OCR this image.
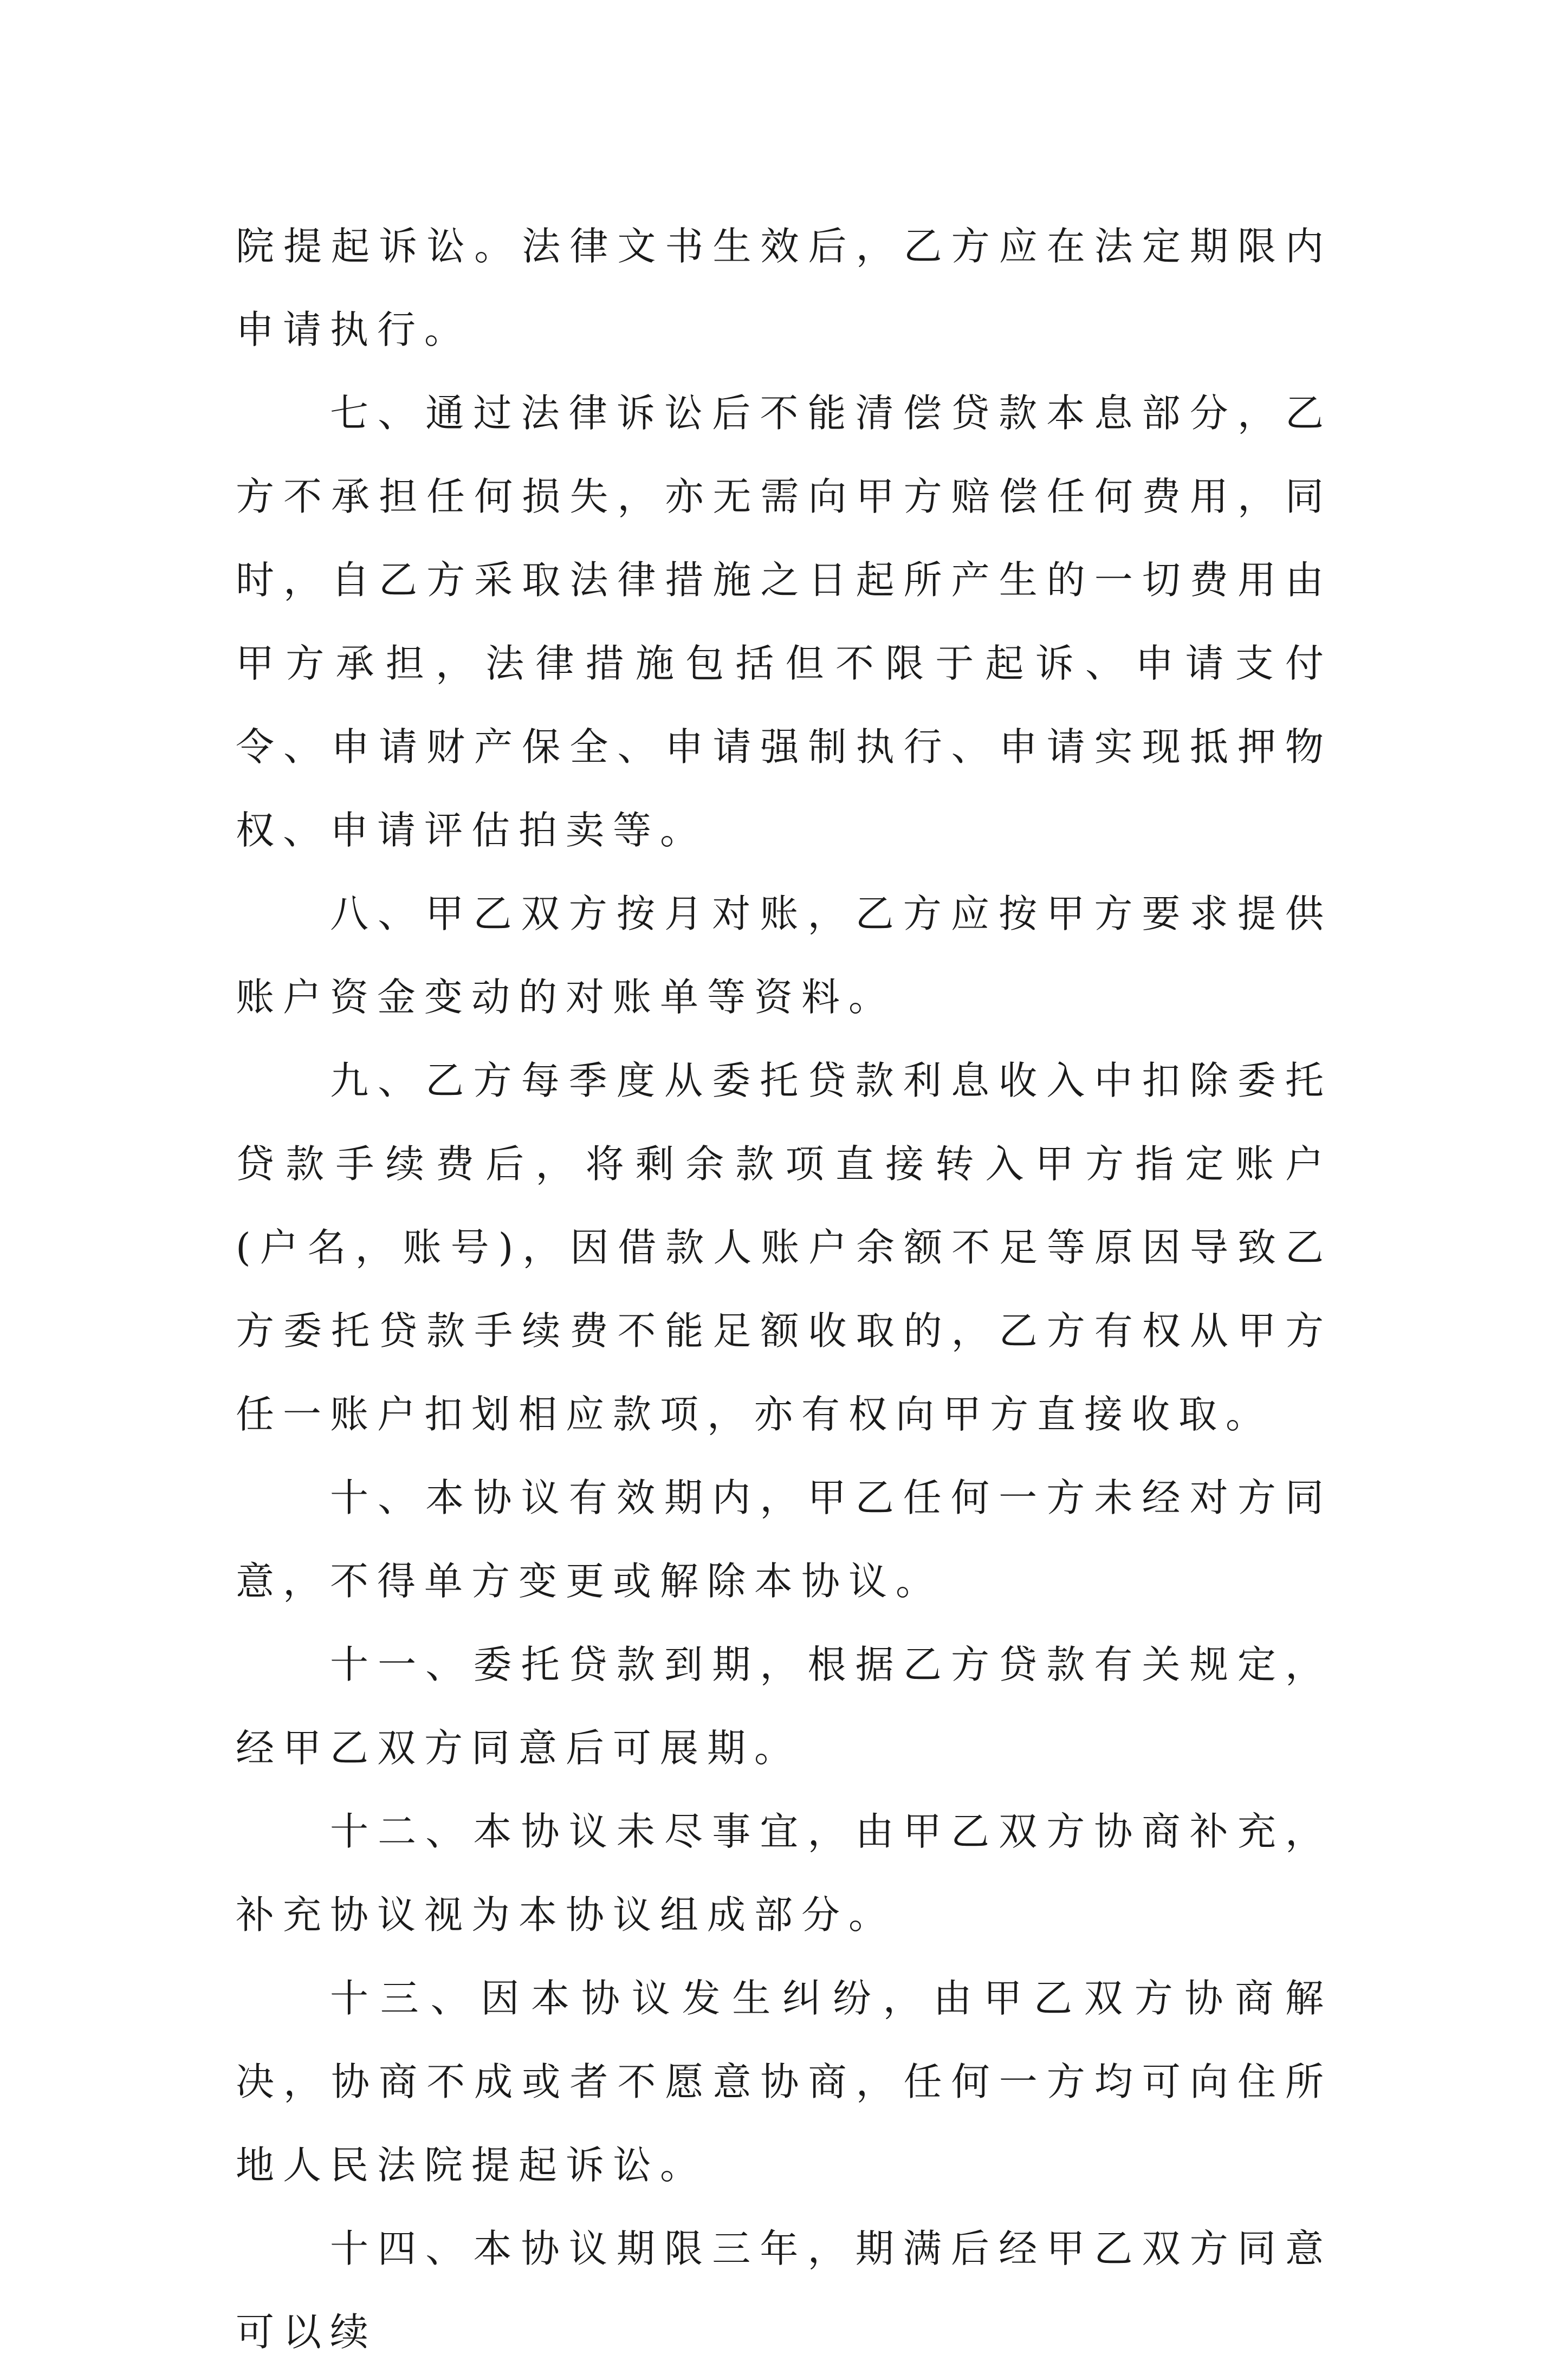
院提起诉讼。法律文书生效后，乙方应在法定期限内申请执行。

七、通过法律诉讼后不能清偿贷款本息部分，乙方不承担任何损失，亦无需向甲方赔偿任何费用，同时，自乙方采取法律措施之日起所产生的一切费用由甲方承担，法律措施包括但不限于起诉、申请支付令、申请财产保全、申请强制执行、申请实现抵押物权、申请评估拍卖等。

八、甲乙双方按月对账，乙方应按甲方要求提供账户资金变动的对账单等资料。

九、乙方每季度从委托贷款利息收入中扣除委托贷款手续费后，将剩余款项直接转入甲方指定账户(户名，账号)，因借款人账户余额不足等原因导致乙方委托贷款手续费不能足额收取的，乙方有权从甲方任一账户扣划相应款项，亦有权向甲方直接收取。

十、本协议有效期内，甲乙任何一方未经对方同意，不得单方变更或解除本协议。

十一、委托贷款到期，根据乙方贷款有关规定，经甲乙双方同意后可展期。

十二、本协议未尽事宜，由甲乙双方协商补充，补充协议视为本协议组成部分。

十三、因本协议发生纠纷，由甲乙双方协商解决，协商不成或者不愿意协商，任何一方均可向住所地人民法院提起诉讼。

十四、本协议期限三年，期满后经甲乙双方同意可以续
